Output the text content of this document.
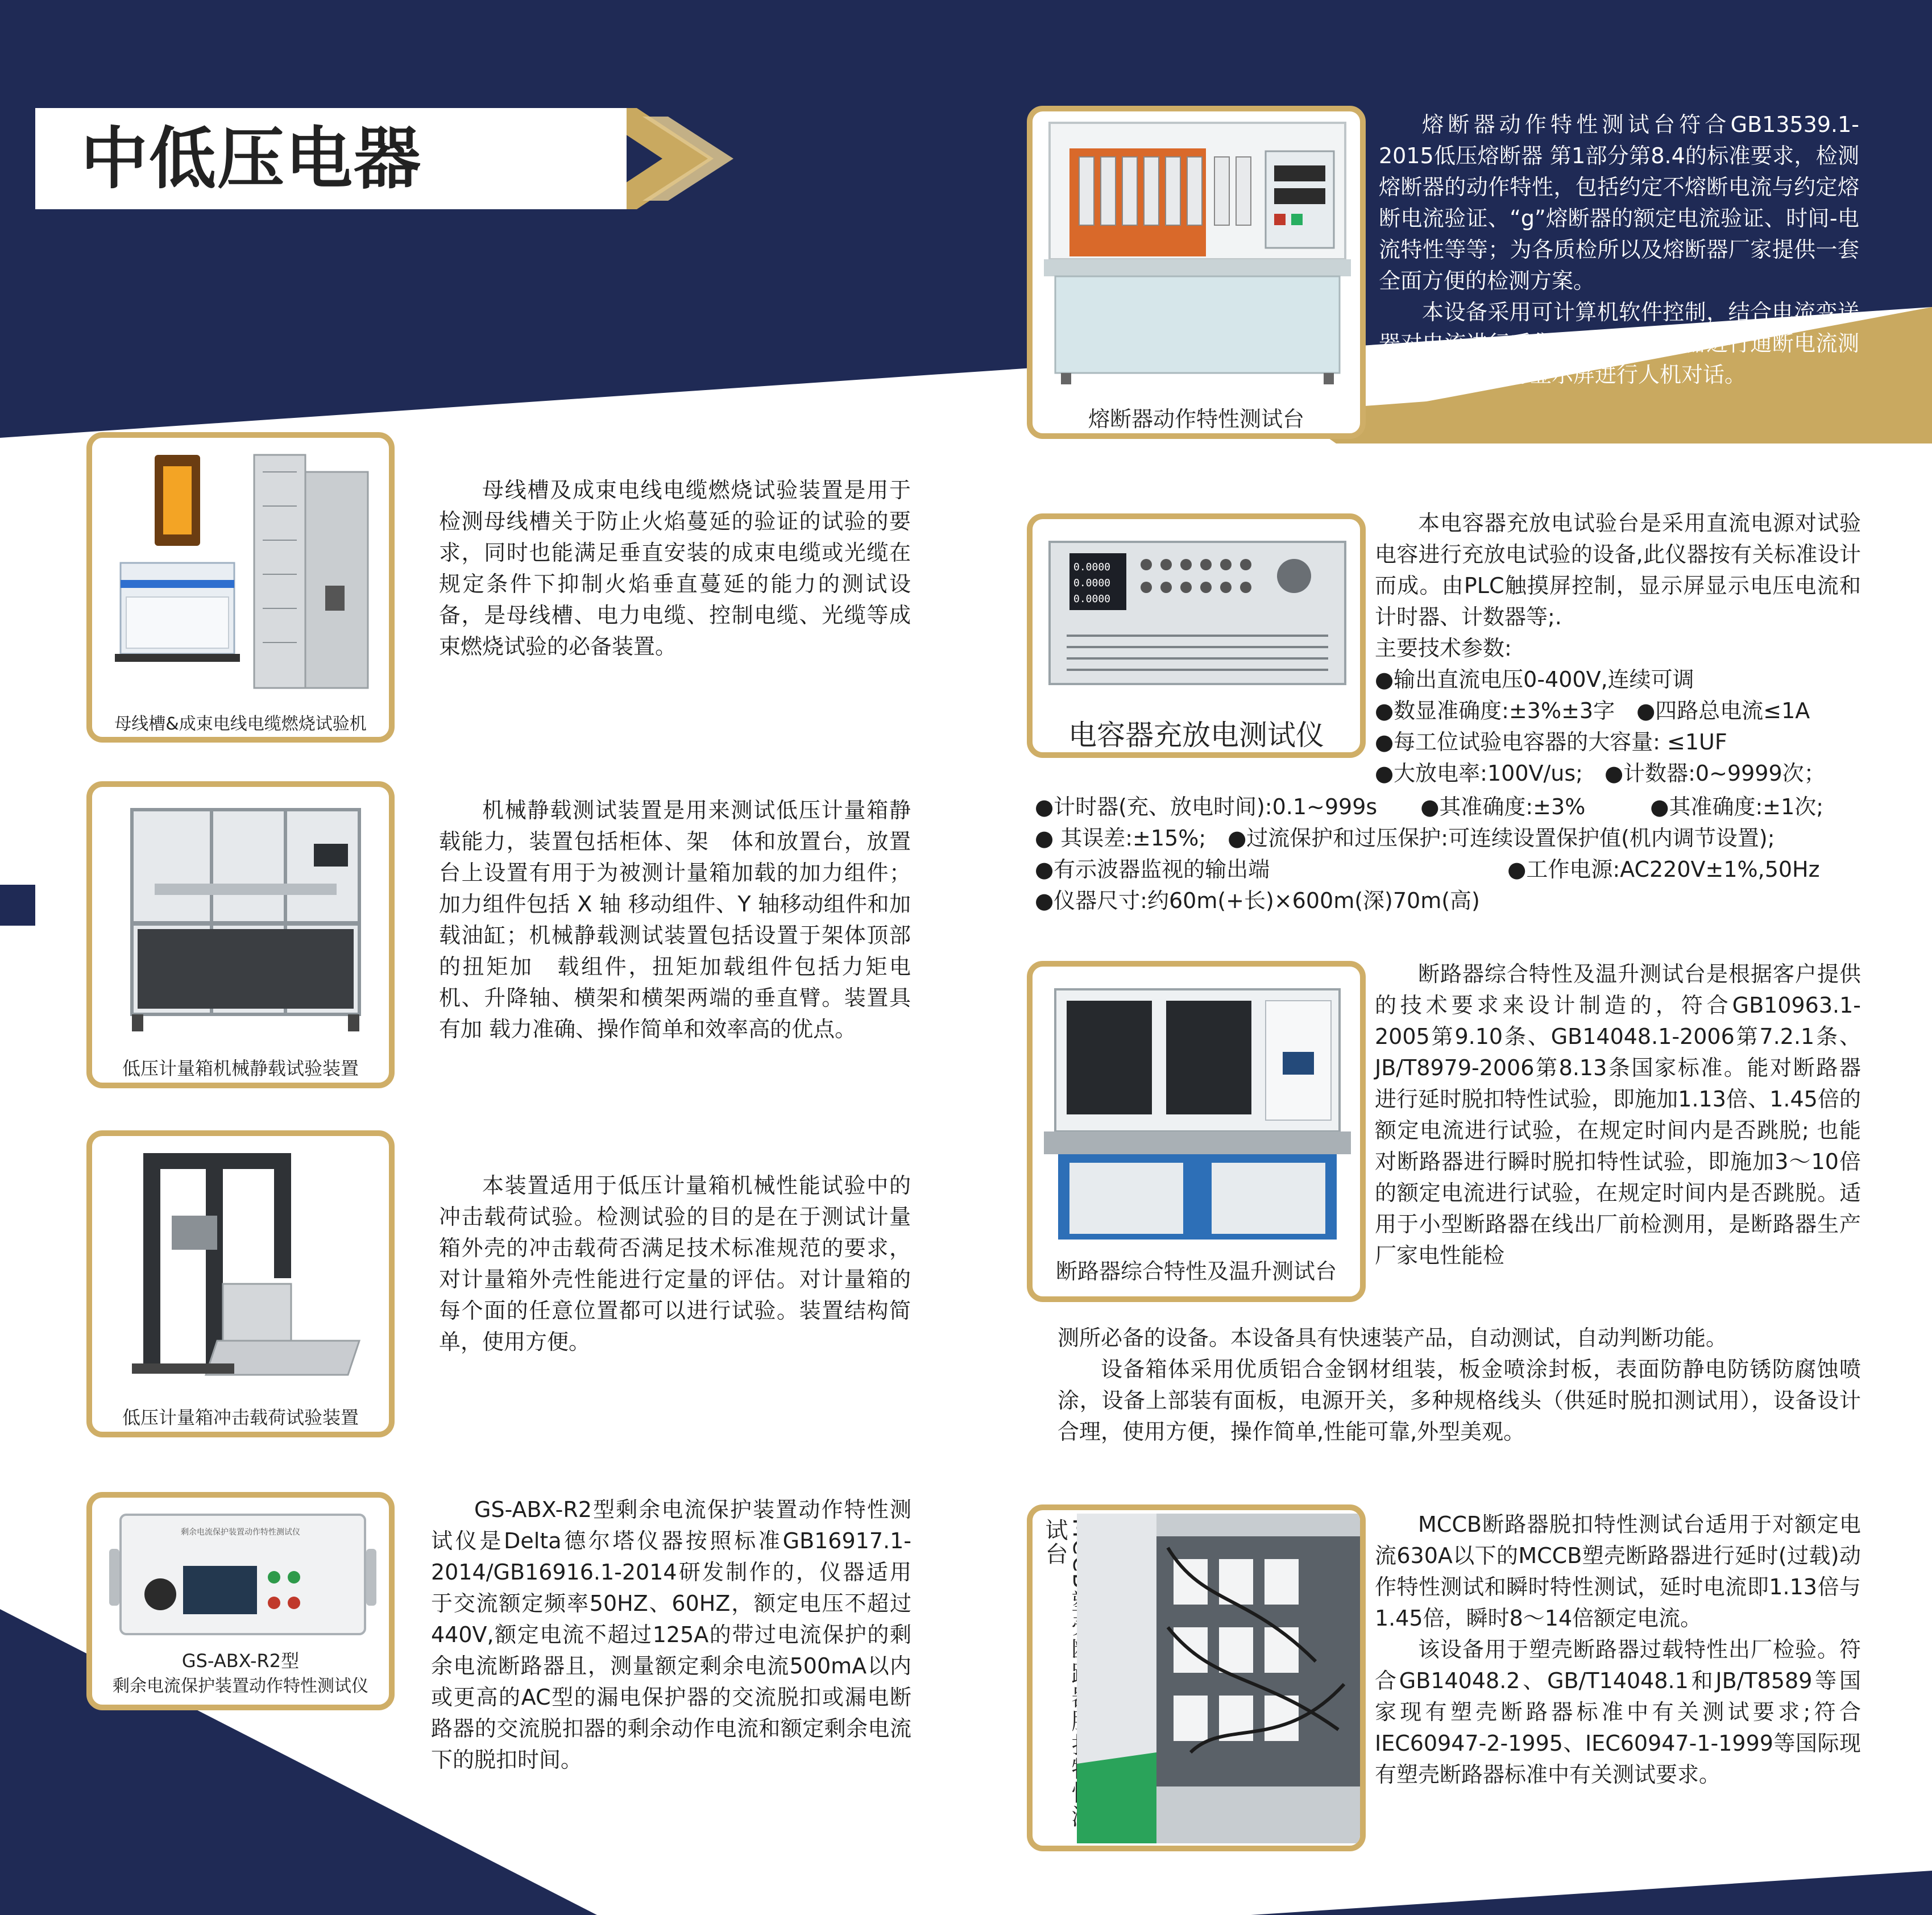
中低压电器
熔断器动作特性测试台

熔断器动作特性测试台符合GB13539.1-2015低压熔断器 第1部分第8.4的标准要求，检测熔断器的动作特性，包括约定不熔断电流与约定熔断电流验证、“g”熔断器的额定电流验证、时间-电流特性等等；为各质检所以及熔断器厂家提供一套全面方便的检测方案。

本设备采用可计算机软件控制，结合电流变送器对电流进行采集测量，对熔断器进行通断电流测试，通过电脑与显示屏进行人机对话。

母线槽&成束电线电缆燃烧试验机

母线槽及成束电线电缆燃烧试验装置是用于检测母线槽关于防止火焰蔓延的验证的试验的要求，同时也能满足垂直安装的成束电缆或光缆在规定条件下抑制火焰垂直蔓延的能力的测试设备，是母线槽、电力电缆、控制电缆、光缆等成束燃烧试验的必备装置。

0.0000
0.0000
0.0000
电容器充放电测试仪

本电容器充放电试验台是采用直流电源对试验电容进行充放电试验的设备,此仪器按有关标准设计而成。由PLC触摸屏控制，显示屏显示电压电流和计时器、计数器等;.

主要技术参数:

●输出直流电压0-400V,连续可调

●数显准确度:±3%±3字　●四路总电流≤1A

●每工位试验电容器的大容量: ≤1UF

●大放电率:100V/us;　●计数器:0~9999次；

●计时器(充、放电时间):0.1~999s　　●其准确度:±3%　　　●其准确度:±1次;
● 其误差:±15%;　●过流保护和过压保护:可连续设置保护值(机内调节设置);
●有示波器监视的输出端　　　　　　　　　　　●工作电源:AC220V±1%,50Hz
●仪器尺寸:约60m(+长)×600m(深)70m(高)
低压计量箱机械静载试验装置

机械静载测试装置是用来测试低压计量箱静载能力，装置包括柜体、架　体和放置台，放置台上设置有用于为被测计量箱加载的加力组件；加力组件包括 X 轴 移动组件、Y 轴移动组件和加载油缸；机械静载测试装置包括设置于架体顶部的扭矩加　载组件，扭矩加载组件包括力矩电机、升降轴、横架和横架两端的垂直臂。装置具有加 载力准确、操作简单和效率高的优点。

断路器综合特性及温升测试台

断路器综合特性及温升测试台是根据客户提供的技术要求来设计制造的，符合GB10963.1-2005第9.10条、GB14048.1-2006第7.2.1条、JB/T8979-2006第8.13条国家标准。能对断路器进行延时脱扣特性试验，即施加1.13倍、1.45倍的额定电流进行试验，在规定时间内是否跳脱; 也能对断路器进行瞬时脱扣特性试验，即施加3～10倍的额定电流进行试验，在规定时间内是否跳脱。适用于小型断路器在线出厂前检测用，是断路器生产厂家电性能检

测所必备的设备。本设备具有快速装产品，自动测试，自动判断功能。

设备箱体采用优质铝合金钢材组装，板金喷涂封板，表面防静电防锈防腐蚀喷涂，设备上部装有面板，电源开关，多种规格线头（供延时脱扣测试用），设备设计合理，使用方便，操作简单,性能可靠,外型美观。

低压计量箱冲击载荷试验装置

本装置适用于低压计量箱机械性能试验中的冲击载荷试验。检测试验的目的是在于测试计量箱外壳的冲击载荷否满足技术标准规范的要求，对计量箱外壳性能进行定量的评估。对计量箱的每个面的任意位置都可以进行试验。装置结构简单，使用方便。

剩余电流保护装置动作特性测试仪
GS-ABX-R2型
剩余电流保护装置动作特性测试仪

GS-ABX-R2型剩余电流保护装置动作特性测试仪是Delta德尔塔仪器按照标准GB16917.1-2014/GB16916.1-2014研发制作的，仪器适用于交流额定频率50HZ、60HZ，额定电压不超过440V,额定电流不超过125A的带过电流保护的剩余电流断路器且，测量额定剩余电流500mA以内或更高的AC型的漏电保护器的交流脱扣或漏电断路器的交流脱扣器的剩余动作电流和额定剩余电流下的脱扣时间。

试台

MCCB断路器脱扣特性测试台适用于对额定电流630A以下的MCCB塑壳断路器进行延时(过载)动作特性测试和瞬时特性测试，延时电流即1.13倍与1.45倍，瞬时8～14倍额定电流。

该设备用于塑壳断路器过载特性出厂检验。符合GB14048.2、GB/T14048.1和JB/T8589等国家现有塑壳断路器标准中有关测试要求;符合IEC60947-2-1995、IEC60947-1-1999等国际现有塑壳断路器标准中有关测试要求。
